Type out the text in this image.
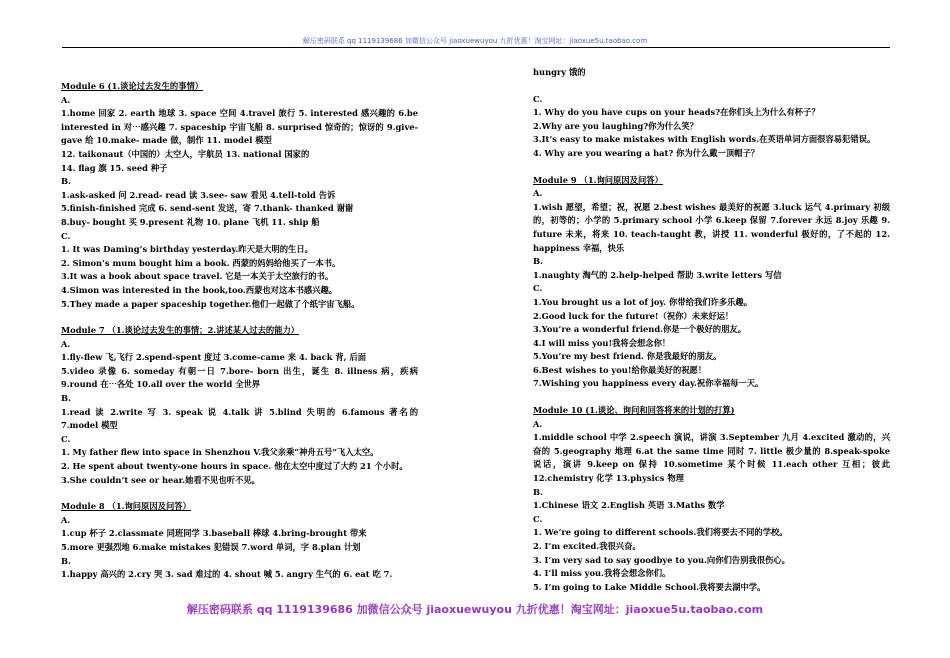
解压密码联系 qq 1119139686 加微信公众号 jiaoxuewuyou 九折优惠！淘宝网址：jiaoxue5u.taobao.com

Module 6 (1.谈论过去发生的事情）

A.

1.home 回家 2. earth 地球 3. space 空间 4.travel 旅行 5. interested 感兴趣的 6.be interested in 对⋯感兴趣 7. spaceship 宇宙飞船 8. surprised 惊奇的；惊讶的 9.give-gave 给 10.make- made 做，制作 11. model 模型

12. taikonaut（中国的）太空人，宇航员 13. national 国家的

14. flag 旗 15. seed 种子

B.

1.ask-asked 问 2.read- read 读 3.see- saw 看见 4.tell-told 告诉

5.finish-finished 完成 6. send-sent 发送，寄 7.thank- thanked 谢谢

8.buy- bought 买 9.present 礼物 10. plane 飞机 11. ship 船

C.

1. It was Daming’s birthday yesterday.昨天是大明的生日。

2. Simon’s mum bought him a book. 西蒙的妈妈给他买了一本书。

3.It was a book about space travel. 它是一本关于太空旅行的书。

4.Simon was interested in the book,too.西蒙也对这本书感兴趣。

5.They made a paper spaceship together.他们一起做了个纸宇宙飞船。

Module 7 （1.谈论过去发生的事情；2.讲述某人过去的能力）

A.

1.fly-flew 飞,飞行 2.spend-spent 度过 3.come-came 来 4. back 背, 后面

5.video 录像 6. someday 有朝一日 7.bore- born 出生，诞生 8. illness 病，疾病 9.round 在⋯各处 10.all over the world 全世界

B.

1.read 读 2.write 写 3. speak 说 4.talk 讲 5.blind 失明的 6.famous 著名的 7.model 模型

C.

1. My father flew into space in Shenzhou V.我父亲乘“神舟五号”飞入太空。

2. He spent about twenty-one hours in space. 他在太空中度过了大约 21 个小时。

3.She couldn’t see or hear.她看不见也听不见。

Module 8 （1.询问原因及问答）

A.

1.cup 杯子 2.classmate 同班同学 3.baseball 棒球 4.bring-brought 带来

5.more 更强烈地 6.make mistakes 犯错误 7.word 单词，字 8.plan 计划

B.

1.happy 高兴的 2.cry 哭 3. sad 难过的 4. shout 喊 5. angry 生气的 6. eat 吃 7.

hungry 饿的

C.

1. Why do you have cups on your heads?在你们头上为什么有杯子？

2.Why are you laughing?你为什么笑？

3.It’s easy to make mistakes with English words.在英语单词方面很容易犯错误。

4. Why are you wearing a hat? 你为什么戴一顶帽子？

Module 9 （1.询问原因及问答）

A.

1.wish 愿望，希望；祝，祝愿 2.best wishes 最美好的祝愿 3.luck 运气 4.primary 初级的，初等的；小学的 5.primary school 小学 6.keep 保留 7.forever 永远 8.joy 乐趣 9. future 未来，将来 10. teach-taught 教，讲授 11. wonderful 极好的，了不起的 12. happiness 幸福，快乐

B.

1.naughty 淘气的 2.help-helped 帮助 3.write letters 写信

C.

1.You brought us a lot of joy. 你带给我们许多乐趣。

2.Good luck for the future!（祝你）未来好运！

3.You’re a wonderful friend.你是一个极好的朋友。

4.I will miss you!我将会想念你！

5.You’re my best friend. 你是我最好的朋友。

6.Best wishes to you!给你最美好的祝愿！

7.Wishing you happiness every day.祝你幸福每一天。

Module 10 (1.谈论、询问和回答将来的计划的打算)

A.

1.middle school 中学 2.speech 演说，讲演 3.September 九月 4.excited 激动的，兴奋的 5.geography 地理 6.at the same time 同时 7. little 极少量的 8.speak-spoke 说话，演讲 9.keep on 保持 10.sometime 某个时候 11.each other 互相；彼此 12.chemistry 化学 13.physics 物理

B.

1.Chinese 语文 2.English 英语 3.Maths 数学

C.

1. We’re going to different schools.我们将要去不同的学校。

2. I’m excited.我很兴奋。

3. I’m very sad to say goodbye to you.向你们告别我很伤心。

4. I’ll miss you.我将会想念你们。

5. I’m going to Lake Middle School.我将要去湖中学。

解压密码联系 qq 1119139686 加微信公众号 jiaoxuewuyou 九折优惠！淘宝网址：jiaoxue5u.taobao.com
